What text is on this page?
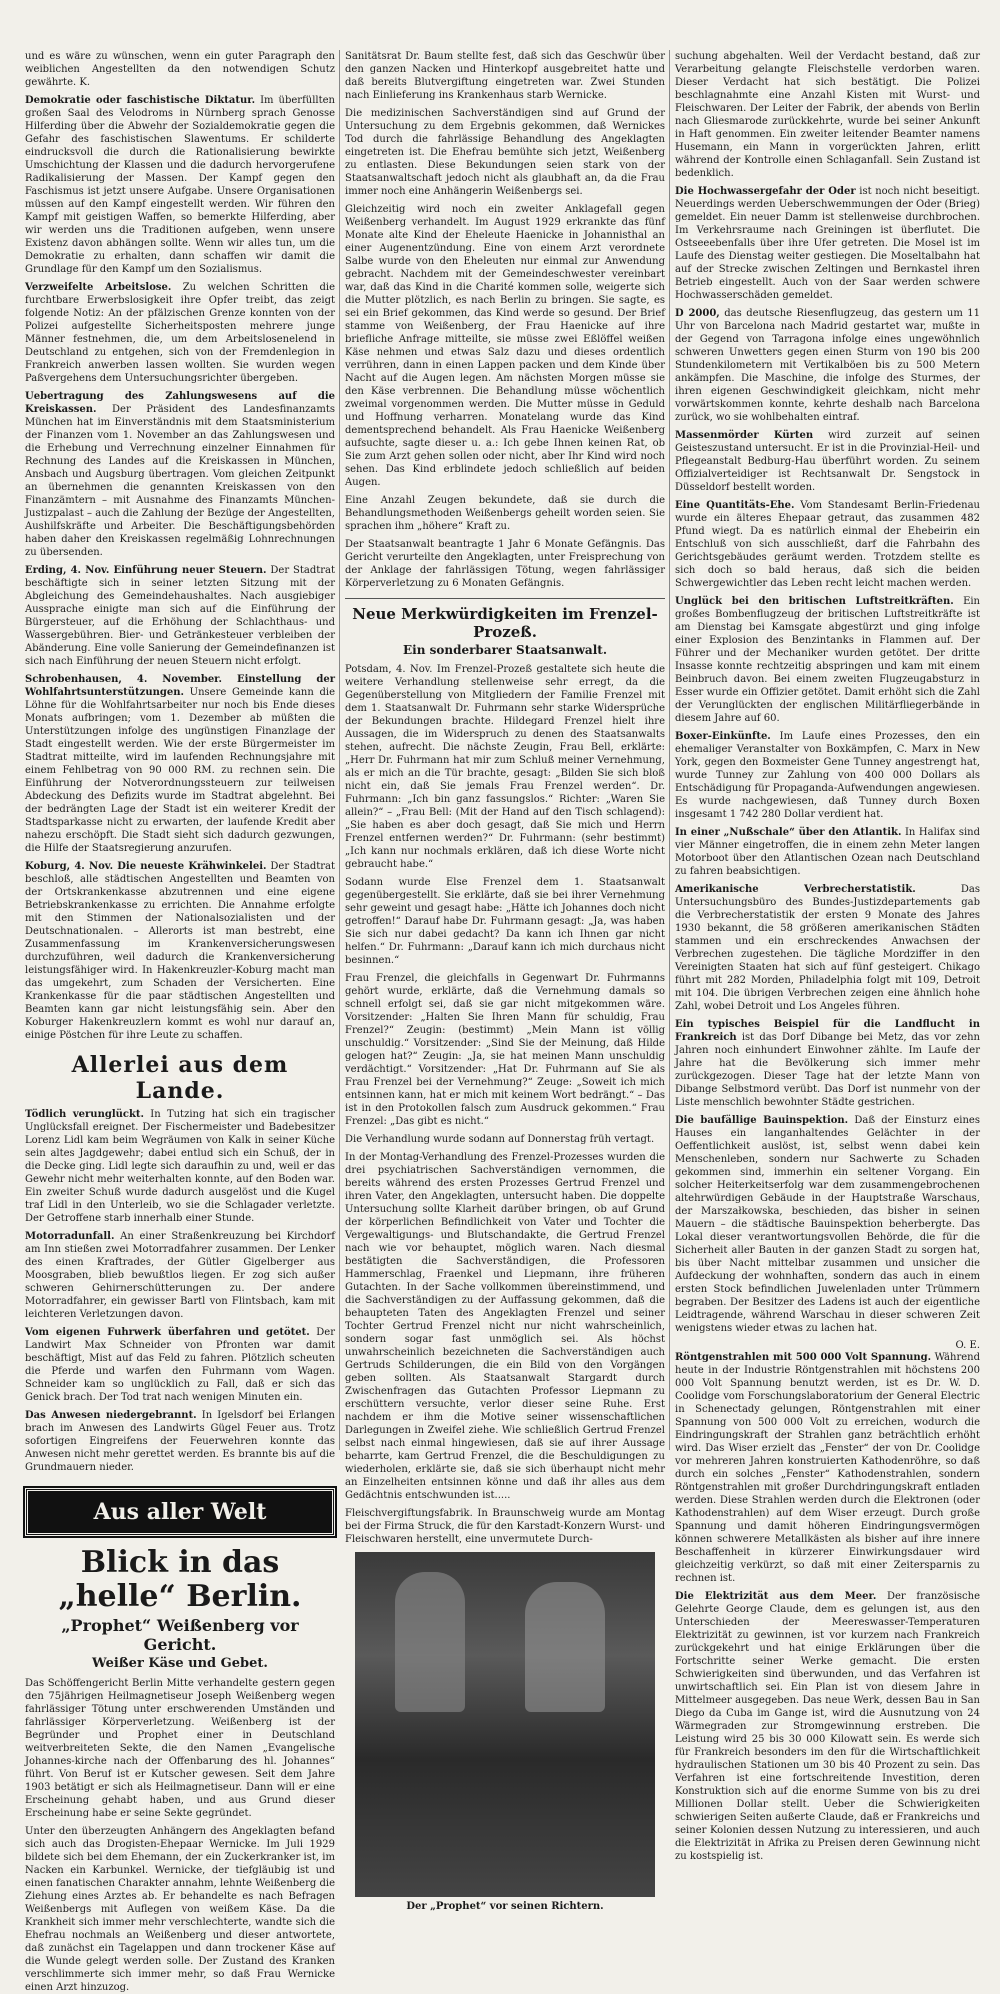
und es wäre zu wünschen, wenn ein guter Paragraph den weiblichen Angestellten da den notwendigen Schutz gewährte. K.

Demokratie oder faschistische Diktatur. Im überfüllten großen Saal des Velodroms in Nürnberg sprach Genosse Hilferding über die Abwehr der Sozialdemokratie gegen die Gefahr des faschistischen Slawentums. Er schilderte eindrucksvoll die durch die Rationalisierung bewirkte Umschichtung der Klassen und die dadurch hervorgerufene Radikalisierung der Massen. Der Kampf gegen den Faschismus ist jetzt unsere Aufgabe. Unsere Organisationen müssen auf den Kampf eingestellt werden. Wir führen den Kampf mit geistigen Waffen, so bemerkte Hilferding, aber wir werden uns die Traditionen aufgeben, wenn unsere Existenz davon abhängen sollte. Wenn wir alles tun, um die Demokratie zu erhalten, dann schaffen wir damit die Grundlage für den Kampf um den Sozialismus.

Verzweifelte Arbeitslose. Zu welchen Schritten die furchtbare Erwerbslosigkeit ihre Opfer treibt, das zeigt folgende Notiz: An der pfälzischen Grenze konnten von der Polizei aufgestellte Sicherheitsposten mehrere junge Männer festnehmen, die, um dem Arbeitslosenelend in Deutschland zu entgehen, sich von der Fremdenlegion in Frankreich anwerben lassen wollten. Sie wurden wegen Paßvergehens dem Untersuchungsrichter übergeben.

Uebertragung des Zahlungswesens auf die Kreiskassen. Der Präsident des Landesfinanzamts München hat im Einverständnis mit dem Staatsministerium der Finanzen vom 1. November an das Zahlungswesen und die Erhebung und Verrechnung einzelner Einnahmen für Rechnung des Landes auf die Kreiskassen in München, Ansbach und Augsburg übertragen. Vom gleichen Zeitpunkt an übernehmen die genannten Kreiskassen von den Finanzämtern – mit Ausnahme des Finanzamts München-Justizpalast – auch die Zahlung der Bezüge der Angestellten, Aushilfskräfte und Arbeiter. Die Beschäftigungsbehörden haben daher den Kreiskassen regelmäßig Lohnrechnungen zu übersenden.

Erding, 4. Nov. Einführung neuer Steuern. Der Stadtrat beschäftigte sich in seiner letzten Sitzung mit der Abgleichung des Gemeindehaushaltes. Nach ausgiebiger Aussprache einigte man sich auf die Einführung der Bürgersteuer, auf die Erhöhung der Schlachthaus- und Wassergebühren. Bier- und Getränkesteuer verbleiben der Abänderung. Eine volle Sanierung der Gemeindefinanzen ist sich nach Einführung der neuen Steuern nicht erfolgt.

Schrobenhausen, 4. November. Einstellung der Wohlfahrtsunterstützungen. Unsere Gemeinde kann die Löhne für die Wohlfahrtsarbeiter nur noch bis Ende dieses Monats aufbringen; vom 1. Dezember ab müßten die Unterstützungen infolge des ungünstigen Finanzlage der Stadt eingestellt werden. Wie der erste Bürgermeister im Stadtrat mitteilte, wird im laufenden Rechnungsjahre mit einem Fehlbetrag von 90 000 RM. zu rechnen sein. Die Einführung der Notverordnungssteuern zur teilweisen Abdeckung des Defizits wurde im Stadtrat abgelehnt. Bei der bedrängten Lage der Stadt ist ein weiterer Kredit der Stadtsparkasse nicht zu erwarten, der laufende Kredit aber nahezu erschöpft. Die Stadt sieht sich dadurch gezwungen, die Hilfe der Staatsregierung anzurufen.

Koburg, 4. Nov. Die neueste Krähwinkelei. Der Stadtrat beschloß, alle städtischen Angestellten und Beamten von der Ortskrankenkasse abzutrennen und eine eigene Betriebskrankenkasse zu errichten. Die Annahme erfolgte mit den Stimmen der Nationalsozialisten und der Deutschnationalen. – Allerorts ist man bestrebt, eine Zusammenfassung im Krankenversicherungswesen durchzuführen, weil dadurch die Krankenversicherung leistungsfähiger wird. In Hakenkreuzler-Koburg macht man das umgekehrt, zum Schaden der Versicherten. Eine Krankenkasse für die paar städtischen Angestellten und Beamten kann gar nicht leistungsfähig sein. Aber den Koburger Hakenkreuzlern kommt es wohl nur darauf an, einige Pöstchen für ihre Leute zu schaffen.

Allerlei aus dem Lande.

Tödlich verunglückt. In Tutzing hat sich ein tragischer Unglücksfall ereignet. Der Fischermeister und Badebesitzer Lorenz Lidl kam beim Wegräumen von Kalk in seiner Küche sein altes Jagdgewehr; dabei entlud sich ein Schuß, der in die Decke ging. Lidl legte sich daraufhin zu und, weil er das Gewehr nicht mehr weiterhalten konnte, auf den Boden war. Ein zweiter Schuß wurde dadurch ausgelöst und die Kugel traf Lidl in den Unterleib, wo sie die Schlagader verletzte. Der Getroffene starb innerhalb einer Stunde.

Motorradunfall. An einer Straßenkreuzung bei Kirchdorf am Inn stießen zwei Motorradfahrer zusammen. Der Lenker des einen Kraftrades, der Gütler Gigelberger aus Moosgraben, blieb bewußtlos liegen. Er zog sich außer schweren Gehirnerschütterungen zu. Der andere Motorradfahrer, ein gewisser Bartl von Flintsbach, kam mit leichteren Verletzungen davon.

Vom eigenen Fuhrwerk überfahren und getötet. Der Landwirt Max Schneider von Pfronten war damit beschäftigt, Mist auf das Feld zu fahren. Plötzlich scheuten die Pferde und warfen den Fuhrmann vom Wagen. Schneider kam so unglücklich zu Fall, daß er sich das Genick brach. Der Tod trat nach wenigen Minuten ein.

Das Anwesen niedergebrannt. In Igelsdorf bei Erlangen brach im Anwesen des Landwirts Gügel Feuer aus. Trotz sofortigen Eingreifens der Feuerwehren konnte das Anwesen nicht mehr gerettet werden. Es brannte bis auf die Grundmauern nieder.

Aus aller Welt
Blick in das „helle“ Berlin.
„Prophet“ Weißenberg vor Gericht.
Weißer Käse und Gebet.

Das Schöffengericht Berlin Mitte verhandelte gestern gegen den 75jährigen Heilmagnetiseur Joseph Weißenberg wegen fahrlässiger Tötung unter erschwerenden Umständen und fahrlässiger Körperverletzung. Weißenberg ist der Begründer und Prophet einer in Deutschland weitverbreiteten Sekte, die den Namen „Evangelische Johannes-kirche nach der Offenbarung des hl. Johannes“ führt. Von Beruf ist er Kutscher gewesen. Seit dem Jahre 1903 betätigt er sich als Heilmagnetiseur. Dann will er eine Erscheinung gehabt haben, und aus Grund dieser Erscheinung habe er seine Sekte gegründet.

Unter den überzeugten Anhängern des Angeklagten befand sich auch das Drogisten-Ehepaar Wernicke. Im Juli 1929 bildete sich bei dem Ehemann, der ein Zuckerkranker ist, im Nacken ein Karbunkel. Wernicke, der tiefgläubig ist und einen fanatischen Charakter annahm, lehnte Weißenberg die Ziehung eines Arztes ab. Er behandelte es nach Befragen Weißenbergs mit Auflegen von weißem Käse. Da die Krankheit sich immer mehr verschlechterte, wandte sich die Ehefrau nochmals an Weißenberg und dieser antwortete, daß zunächst ein Tagelappen und dann trockener Käse auf die Wunde gelegt werden solle. Der Zustand des Kranken verschlimmerte sich immer mehr, so daß Frau Wernicke einen Arzt hinzuzog.

Sanitätsrat Dr. Baum stellte fest, daß sich das Geschwür über den ganzen Nacken und Hinterkopf ausgebreitet hatte und daß bereits Blutvergiftung eingetreten war. Zwei Stunden nach Einlieferung ins Krankenhaus starb Wernicke.

Die medizinischen Sachverständigen sind auf Grund der Untersuchung zu dem Ergebnis gekommen, daß Wernickes Tod durch die fahrlässige Behandlung des Angeklagten eingetreten ist. Die Ehefrau bemühte sich jetzt, Weißenberg zu entlasten. Diese Bekundungen seien stark von der Staatsanwaltschaft jedoch nicht als glaubhaft an, da die Frau immer noch eine Anhängerin Weißenbergs sei.

Gleichzeitig wird noch ein zweiter Anklagefall gegen Weißenberg verhandelt. Im August 1929 erkrankte das fünf Monate alte Kind der Eheleute Haenicke in Johannisthal an einer Augenentzündung. Eine von einem Arzt verordnete Salbe wurde von den Eheleuten nur einmal zur Anwendung gebracht. Nachdem mit der Gemeindeschwester vereinbart war, daß das Kind in die Charité kommen solle, weigerte sich die Mutter plötzlich, es nach Berlin zu bringen. Sie sagte, es sei ein Brief gekommen, das Kind werde so gesund. Der Brief stamme von Weißenberg, der Frau Haenicke auf ihre briefliche Anfrage mitteilte, sie müsse zwei Eßlöffel weißen Käse nehmen und etwas Salz dazu und dieses ordentlich verrühren, dann in einen Lappen packen und dem Kinde über Nacht auf die Augen legen. Am nächsten Morgen müsse sie den Käse verbrennen. Die Behandlung müsse wöchentlich zweimal vorgenommen werden. Die Mutter müsse in Geduld und Hoffnung verharren. Monatelang wurde das Kind dementsprechend behandelt. Als Frau Haenicke Weißenberg aufsuchte, sagte dieser u. a.: Ich gebe Ihnen keinen Rat, ob Sie zum Arzt gehen sollen oder nicht, aber Ihr Kind wird noch sehen. Das Kind erblindete jedoch schließlich auf beiden Augen.

Eine Anzahl Zeugen bekundete, daß sie durch die Behandlungsmethoden Weißenbergs geheilt worden seien. Sie sprachen ihm „höhere“ Kraft zu.

Der Staatsanwalt beantragte 1 Jahr 6 Monate Gefängnis. Das Gericht verurteilte den Angeklagten, unter Freisprechung von der Anklage der fahrlässigen Tötung, wegen fahrlässiger Körperverletzung zu 6 Monaten Gefängnis.

Neue Merkwürdigkeiten im Frenzel-Prozeß.
Ein sonderbarer Staatsanwalt.

Potsdam, 4. Nov. Im Frenzel-Prozeß gestaltete sich heute die weitere Verhandlung stellenweise sehr erregt, da die Gegenüberstellung von Mitgliedern der Familie Frenzel mit dem 1. Staatsanwalt Dr. Fuhrmann sehr starke Widersprüche der Bekundungen brachte. Hildegard Frenzel hielt ihre Aussagen, die im Widerspruch zu denen des Staatsanwalts stehen, aufrecht. Die nächste Zeugin, Frau Bell, erklärte: „Herr Dr. Fuhrmann hat mir zum Schluß meiner Vernehmung, als er mich an die Tür brachte, gesagt: „Bilden Sie sich bloß nicht ein, daß Sie jemals Frau Frenzel werden“. Dr. Fuhrmann: „Ich bin ganz fassungslos.“ Richter: „Waren Sie allein?“ – „Frau Bell: (Mit der Hand auf den Tisch schlagend): „Sie haben es aber doch gesagt, daß Sie mich und Herrn Frenzel entfernen werden?“ Dr. Fuhrmann: (sehr bestimmt) „Ich kann nur nochmals erklären, daß ich diese Worte nicht gebraucht habe.“

Sodann wurde Else Frenzel dem 1. Staatsanwalt gegenübergestellt. Sie erklärte, daß sie bei ihrer Vernehmung sehr geweint und gesagt habe: „Hätte ich Johannes doch nicht getroffen!“ Darauf habe Dr. Fuhrmann gesagt: „Ja, was haben Sie sich nur dabei gedacht? Da kann ich Ihnen gar nicht helfen.“ Dr. Fuhrmann: „Darauf kann ich mich durchaus nicht besinnen.“

Frau Frenzel, die gleichfalls in Gegenwart Dr. Fuhrmanns gehört wurde, erklärte, daß die Vernehmung damals so schnell erfolgt sei, daß sie gar nicht mitgekommen wäre. Vorsitzender: „Halten Sie Ihren Mann für schuldig, Frau Frenzel?“ Zeugin: (bestimmt) „Mein Mann ist völlig unschuldig.“ Vorsitzender: „Sind Sie der Meinung, daß Hilde gelogen hat?“ Zeugin: „Ja, sie hat meinen Mann unschuldig verdächtigt.“ Vorsitzender: „Hat Dr. Fuhrmann auf Sie als Frau Frenzel bei der Vernehmung?“ Zeuge: „Soweit ich mich entsinnen kann, hat er mich mit keinem Wort bedrängt.“ – Das ist in den Protokollen falsch zum Ausdruck gekommen.“ Frau Frenzel: „Das gibt es nicht.“

Die Verhandlung wurde sodann auf Donnerstag früh vertagt.

In der Montag-Verhandlung des Frenzel-Prozesses wurden die drei psychiatrischen Sachverständigen vernommen, die bereits während des ersten Prozesses Gertrud Frenzel und ihren Vater, den Angeklagten, untersucht haben. Die doppelte Untersuchung sollte Klarheit darüber bringen, ob auf Grund der körperlichen Befindlichkeit von Vater und Tochter die Vergewaltigungs- und Blutschandakte, die Gertrud Frenzel nach wie vor behauptet, möglich waren. Nach diesmal bestätigten die Sachverständigen, die Professoren Hammerschlag, Fraenkel und Liepmann, ihre früheren Gutachten. In der Sache vollkommen übereinstimmend, und die Sachverständigen zu der Auffassung gekommen, daß die behaupteten Taten des Angeklagten Frenzel und seiner Tochter Gertrud Frenzel nicht nur nicht wahrscheinlich, sondern sogar fast unmöglich sei. Als höchst unwahrscheinlich bezeichneten die Sachverständigen auch Gertruds Schilderungen, die ein Bild von den Vorgängen geben sollten. Als Staatsanwalt Stargardt durch Zwischenfragen das Gutachten Professor Liepmann zu erschüttern versuchte, verlor dieser seine Ruhe. Erst nachdem er ihm die Motive seiner wissenschaftlichen Darlegungen in Zweifel ziehe. Wie schließlich Gertrud Frenzel selbst nach einmal hingewiesen, daß sie auf ihrer Aussage beharrte, kam Gertrud Frenzel, die die Beschuldigungen zu wiederholen, erklärte sie, daß sie sich überhaupt nicht mehr an Einzelheiten entsinnen könne und daß ihr alles aus dem Gedächtnis entschwunden ist.....

Fleischvergiftungsfabrik. In Braunschweig wurde am Montag bei der Firma Struck, die für den Karstadt-Konzern Wurst- und Fleischwaren herstellt, eine unvermutete Durch-

Der „Prophet“ vor seinen Richtern.

suchung abgehalten. Weil der Verdacht bestand, daß zur Verarbeitung gelangte Fleischstelle verdorben waren. Dieser Verdacht hat sich bestätigt. Die Polizei beschlagnahmte eine Anzahl Kisten mit Wurst- und Fleischwaren. Der Leiter der Fabrik, der abends von Berlin nach Gliesmarode zurückkehrte, wurde bei seiner Ankunft in Haft genommen. Ein zweiter leitender Beamter namens Husemann, ein Mann in vorgerückten Jahren, erlitt während der Kontrolle einen Schlaganfall. Sein Zustand ist bedenklich.

Die Hochwassergefahr der Oder ist noch nicht beseitigt. Neuerdings werden Ueberschwemmungen der Oder (Brieg) gemeldet. Ein neuer Damm ist stellenweise durchbrochen. Im Verkehrsraume nach Greiningen ist überflutet. Die Ostseeebenfalls über ihre Ufer getreten. Die Mosel ist im Laufe des Dienstag weiter gestiegen. Die Moseltalbahn hat auf der Strecke zwischen Zeltingen und Bernkastel ihren Betrieb eingestellt. Auch von der Saar werden schwere Hochwasserschäden gemeldet.

D 2000, das deutsche Riesenflugzeug, das gestern um 11 Uhr von Barcelona nach Madrid gestartet war, mußte in der Gegend von Tarragona infolge eines ungewöhnlich schweren Unwetters gegen einen Sturm von 190 bis 200 Stundenkilometern mit Vertikalböen bis zu 500 Metern ankämpfen. Die Maschine, die infolge des Sturmes, der ihren eigenen Geschwindigkeit gleichkam, nicht mehr vorwärtskommen konnte, kehrte deshalb nach Barcelona zurück, wo sie wohlbehalten eintraf.

Massenmörder Kürten wird zurzeit auf seinen Geisteszustand untersucht. Er ist in die Provinzial-Heil- und Pflegeanstalt Bedburg-Hau überführt worden. Zu seinem Offizialverteidiger ist Rechtsanwalt Dr. Sengstock in Düsseldorf bestellt worden.

Eine Quantitäts-Ehe. Vom Standesamt Berlin-Friedenau wurde ein älteres Ehepaar getraut, das zusammen 482 Pfund wiegt. Da es natürlich einmal der Ehebeirin ein Entschluß von sich ausschließt, darf die Fahrbahn des Gerichtsgebäudes geräumt werden. Trotzdem stellte es sich doch so bald heraus, daß sich die beiden Schwergewichtler das Leben recht leicht machen werden.

Unglück bei den britischen Luftstreitkräften. Ein großes Bombenflugzeug der britischen Luftstreitkräfte ist am Dienstag bei Kamsgate abgestürzt und ging infolge einer Explosion des Benzintanks in Flammen auf. Der Führer und der Mechaniker wurden getötet. Der dritte Insasse konnte rechtzeitig abspringen und kam mit einem Beinbruch davon. Bei einem zweiten Flugzeugabsturz in Esser wurde ein Offizier getötet. Damit erhöht sich die Zahl der Verunglückten der englischen Militärfliegerbände in diesem Jahre auf 60.

Boxer-Einkünfte. Im Laufe eines Prozesses, den ein ehemaliger Veranstalter von Boxkämpfen, C. Marx in New York, gegen den Boxmeister Gene Tunney angestrengt hat, wurde Tunney zur Zahlung von 400 000 Dollars als Entschädigung für Propaganda-Aufwendungen angewiesen. Es wurde nachgewiesen, daß Tunney durch Boxen insgesamt 1 742 280 Dollar verdient hat.

In einer „Nußschale“ über den Atlantik. In Halifax sind vier Männer eingetroffen, die in einem zehn Meter langen Motorboot über den Atlantischen Ozean nach Deutschland zu fahren beabsichtigen.

Amerikanische Verbrecherstatistik.	Das Untersuchungsbüro des Bundes-Justizdepartements gab die Verbrecherstatistik der ersten 9 Monate des Jahres 1930 bekannt, die 58 größeren amerikanischen Städten stammen und ein erschreckendes Anwachsen der Verbrechen zugestehen. Die tägliche Mordziffer in den Vereinigten Staaten hat sich auf fünf gesteigert. Chikago führt mit 282 Morden, Philadelphia folgt mit 109, Detroit mit 104. Die übrigen Verbrechen zeigen eine ähnlich hohe Zahl, wobei Detroit und Los Angeles führen.

Ein typisches Beispiel für die Landflucht in Frankreich ist das Dorf Dibange bei Metz, das vor zehn Jahren noch einhundert Einwohner zählte. Im Laufe der Jahre hat die Bevölkerung sich immer mehr zurückgezogen. Dieser Tage hat der letzte Mann von Dibange Selbstmord verübt. Das Dorf ist nunmehr von der Liste menschlich bewohnter Städte gestrichen.

Die baufällige Bauinspektion. Daß der Einsturz eines Hauses ein langanhaltendes Gelächter in der Oeffentlichkeit auslöst, ist, selbst wenn dabei kein Menschenleben, sondern nur Sachwerte zu Schaden gekommen sind, immerhin ein seltener Vorgang. Ein solcher Heiterkeitserfolg war dem zusammengebrochenen altehrwürdigen Gebäude in der Hauptstraße Warschaus, der Marszałkowska, beschieden, das bisher in seinen Mauern – die städtische Bauinspektion beherbergte. Das Lokal dieser verantwortungsvollen Behörde, die für die Sicherheit aller Bauten in der ganzen Stadt zu sorgen hat, bis über Nacht mittelbar zusammen und unsicher die Aufdeckung der wohnhaften, sondern das auch in einem ersten Stock befindlichen Juwelenladen unter Trümmern begraben. Der Besitzer des Ladens ist auch der eigentliche Leidtragende, während Warschau in dieser schweren Zeit wenigstens wieder etwas zu lachen hat.

O. E.

Röntgenstrahlen mit 500 000 Volt Spannung. Während heute in der Industrie Röntgenstrahlen mit höchstens 200 000 Volt Spannung benutzt werden, ist es Dr. W. D. Coolidge vom Forschungslaboratorium der General Electric in Schenectady gelungen, Röntgenstrahlen mit einer Spannung von 500 000 Volt zu erreichen, wodurch die Eindringungskraft der Strahlen ganz beträchtlich erhöht wird. Das Wiser erzielt das „Fenster“ der von Dr. Coolidge vor mehreren Jahren konstruierten Kathodenröhre, so daß durch ein solches „Fenster“ Kathodenstrahlen, sondern Röntgenstrahlen mit großer Durchdringungskraft entladen werden. Diese Strahlen werden durch die Elektronen (oder Kathodenstrahlen) auf dem Wiser erzeugt. Durch große Spannung und damit höheren Eindringungsvermögen können schwerere Metallkästen als bisher auf ihre innere Beschaffenheit in kürzerer Einwirkungsdauer wird gleichzeitig verkürzt, so daß mit einer Zeitersparnis zu rechnen ist.

Die Elektrizität aus dem Meer. Der französische Gelehrte George Claude, dem es gelungen ist, aus den Unterschieden der Meereswasser-Temperaturen Elektrizität zu gewinnen, ist vor kurzem nach Frankreich zurückgekehrt und hat einige Erklärungen über die Fortschritte seiner Werke gemacht. Die ersten Schwierigkeiten sind überwunden, und das Verfahren ist unwirtschaftlich sei. Ein Plan ist von diesem Jahre in Mittelmeer ausgegeben. Das neue Werk, dessen Bau in San Diego da Cuba im Gange ist, wird die Ausnutzung von 24 Wärmegraden zur Stromgewinnung erstreben. Die Leistung wird 25 bis 30 000 Kilowatt sein. Es werde sich für Frankreich besonders im den für die Wirtschaftlichkeit hydraulischen Stationen um 30 bis 40 Prozent zu sein. Das Verfahren ist eine fortschreitende Investition, deren Konstruktion sich auf die enorme Summe von bis zu drei Millionen Dollar stellt. Ueber die Schwierigkeiten schwierigen Seiten außerte Claude, daß er Frankreichs und seiner Kolonien dessen Nutzung zu interessieren, und auch die Elektrizität in Afrika zu Preisen deren Gewinnung nicht zu kostspielig ist.
